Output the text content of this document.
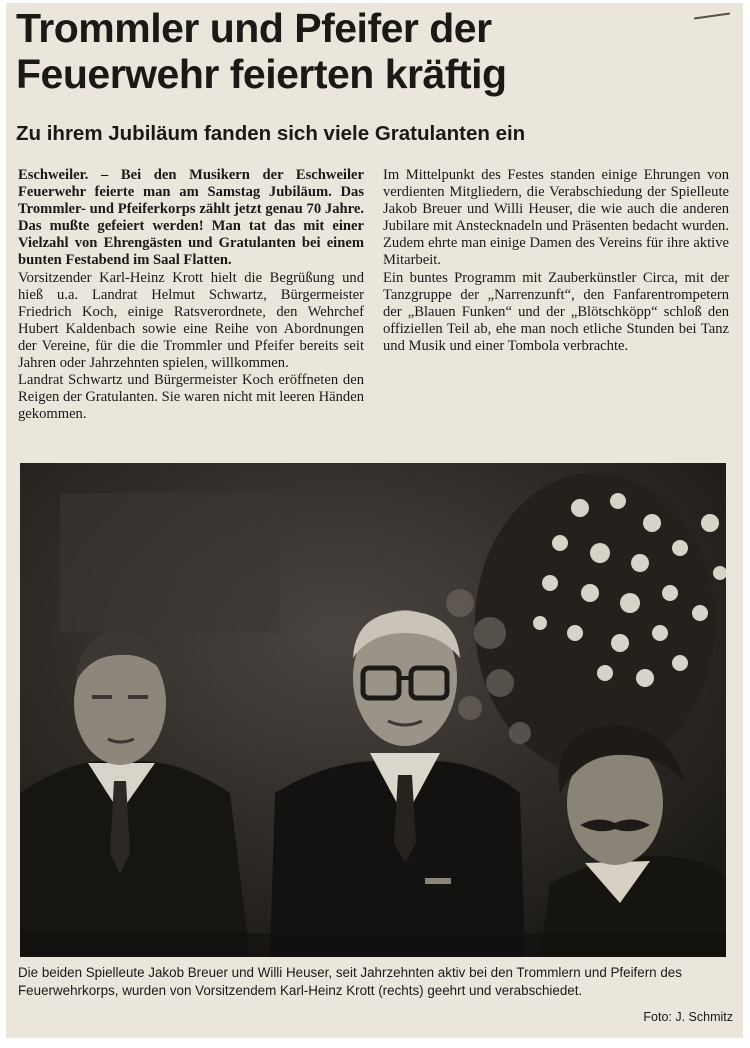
Trommler und Pfeifer der
Feuerwehr feierten kräftig
Zu ihrem Jubiläum fanden sich viele Gratulanten ein

Eschweiler. – Bei den Musikern der Eschweiler Feuerwehr feierte man am Samstag Jubiläum. Das Trommler- und Pfeiferkorps zählt jetzt genau 70 Jahre. Das mußte gefeiert werden! Man tat das mit einer Vielzahl von Ehrengästen und Gratulanten bei einem bunten Festabend im Saal Flatten.

Vorsitzender Karl-Heinz Krott hielt die Begrüßung und hieß u.a. Landrat Helmut Schwartz, Bürgermeister Friedrich Koch, einige Ratsverordnete, den Wehrchef Hubert Kaldenbach sowie eine Reihe von Abordnungen der Vereine, für die die Trommler und Pfeifer bereits seit Jahren oder Jahrzehnten spielen, willkommen.

Landrat Schwartz und Bürgermeister Koch eröffneten den Reigen der Gratulanten. Sie waren nicht mit leeren Händen gekommen.

Im Mittelpunkt des Festes standen einige Ehrungen von verdienten Mitgliedern, die Verabschiedung der Spielleute Jakob Breuer und Willi Heuser, die wie auch die anderen Jubilare mit Anstecknadeln und Präsenten bedacht wurden. Zudem ehrte man einige Damen des Vereins für ihre aktive Mitarbeit.

Ein buntes Programm mit Zauberkünstler Circa, mit der Tanzgruppe der „Narrenzunft“, den Fanfarentrompetern der „Blauen Funken“ und der „Blötschköpp“ schloß den offiziellen Teil ab, ehe man noch etliche Stunden bei Tanz und Musik und einer Tombola verbrachte.

Die beiden Spielleute Jakob Breuer und Willi Heuser, seit Jahrzehnten aktiv bei den Trommlern und Pfeifern des Feuerwehrkorps, wurden von Vorsitzendem Karl-Heinz Krott (rechts) geehrt und verabschiedet.

Foto: J. Schmitz
